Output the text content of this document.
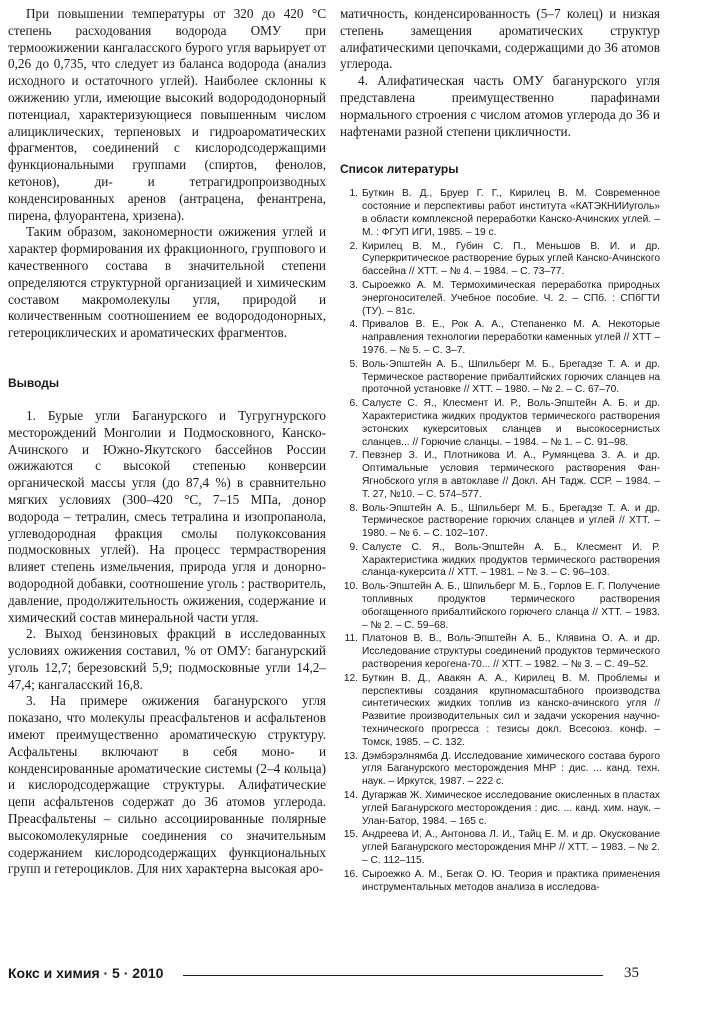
При повышении температуры от 320 до 420 °С степень расходования водорода ОМУ при термоожижении кангаласского бурого угля варьирует от 0,26 до 0,735, что следует из баланса водорода (анализ исходного и остаточного углей). Наиболее склонны к ожижению угли, имеющие высокий водорододонорный потенциал, характеризующиеся повышенным числом алициклических, терпеновых и гидроароматических фрагментов, соединений с кислородсодержащими функциональными группами (спиртов, фенолов, кетонов), ди- и тетрагидропроизводных конденсированных аренов (антрацена, фенантрена, пирена, флуорантена, хризена).

Таким образом, закономерности ожижения углей и характер формирования их фракционного, группового и качественного состава в значительной степени определяются структурной организацией и химическим составом макромолекулы угля, природой и количественным соотношением ее водорододонорных, гетероциклических и ароматических фрагментов.

Выводы

1. Бурые угли Баганурского и Тугругнурского месторождений Монголии и Подмосковного, Канско-Ачинского и Южно-Якутского бассейнов России ожижаются с высокой степенью конверсии органической массы угля (до 87,4 %) в сравнительно мягких условиях (300–420 °С, 7–15 МПа, донор водорода – тетралин, смесь тетралина и изопропанола, углеводородная фракция смолы полукоксования подмосковных углей). На процесс термрастворения влияет степень измельчения, природа угля и донорно-водородной добавки, соотношение уголь : растворитель, давление, продолжительность ожижения, содержание и химический состав минеральной части угля.

2. Выход бензиновых фракций в исследованных условиях ожижения составил, % от ОМУ: баганурский уголь 12,7; березовский 5,9; подмосковные угли 14,2–47,4; кангаласский 16,8.

3. На примере ожижения баганурского угля показано, что молекулы преасфальтенов и асфальтенов имеют преимущественно ароматическую структуру. Асфальтены включают в себя моно- и конденсированные ароматические системы (2–4 кольца) и кислородсодержащие структуры. Алифатические цепи асфальтенов содержат до 36 атомов углерода. Преасфальтены – сильно ассоциированные полярные высокомолекулярные соединения со значительным содержанием кислородсодержащих функциональных групп и гетероциклов. Для них характерна высокая аро-

матичность, конденсированность (5–7 колец) и низкая степень замещения ароматических структур алифатическими цепочками, содержащими до 36 атомов углерода.

4. Алифатическая часть ОМУ баганурского угля представлена преимущественно парафинами нормального строения с числом атомов углерода до 36 и нафтенами разной степени цикличности.

Список литературы

1. Буткин В. Д., Бруер Г. Г., Кирилец В. М. Современное состояние и перспективы работ института «КАТЭКНИИуголь» в области комплексной переработки Канско-Ачинских углей. – М. : ФГУП ИГИ, 1985. – 19 с.
2. Кирилец В. М., Губин С. П., Меньшов В. И. и др. Суперкритическое растворение бурых углей Канско-Ачинского бассейна // ХТТ. – № 4. – 1984. – С. 73–77.
3. Сыроежко А. М. Термохимическая переработка природных энергоносителей. Учебное пособие. Ч. 2. – СПб. : СПбГТИ (ТУ). – 81с.
4. Привалов В. Е., Рок А. А., Степаненко М. А. Некоторые направления технологии переработки каменных углей // ХТТ – 1976. – № 5. – С. 3–7.
5. Воль-Эпштейн А. Б., Шпильберг М. Б., Брегадзе Т. А. и др. Термическое растворение прибалтийских горючих сланцев на проточной установке // ХТТ. – 1980. – № 2. – С. 67–70.
6. Салусте С. Я., Клесмент И. Р., Воль-Эпштейн А. Б. и др. Характеристика жидких продуктов термического растворения эстонских кукерситовых сланцев и высокосернистых сланцев... // Горючие сланцы. – 1984. – № 1. – С. 91–98.
7. Певзнер З. И., Плотникова И. А., Румянцева З. А. и др. Оптимальные условия термического растворения Фан-Ягнобского угля в автоклаве // Докл. АН Тадж. ССР. – 1984. – Т. 27, №10. – С. 574–577.
8. Воль-Эпштейн А. Б., Шпильберг М. Б., Брегадзе Т. А. и др. Термическое растворение горючих сланцев и углей // ХТТ. – 1980. – № 6. – С. 102–107.
9. Салусте С. Я., Воль-Эпштейн А. Б., Клесмент И. Р. Характеристика жидких продуктов термического растворения сланца-кукерсита // ХТТ. – 1981. – № 3. – С. 96–103.
10. Воль-Эпштейн А. Б., Шпильберг М. Б., Горлов Е. Г. Получение топливных продуктов термического растворения обогащенного прибалтийского горючего сланца // ХТТ. – 1983. – № 2. – С. 59–68.
11. Платонов В. В., Воль-Эпштейн А. Б., Клявина О. А. и др. Исследование структуры соединений продуктов термического растворения керогена-70... // ХТТ. – 1982. – № 3. – С. 49–52.
12. Буткин В. Д., Авакян А. А., Кирилец В. М. Проблемы и перспективы создания крупномасштабного производства синтетических жидких топлив из канско-ачинского угля // Развитие производительных сил и задачи ускорения научно-технического прогресса : тезисы докл. Всесоюз. конф. – Томск, 1985. – С. 132.
13. Дэмбэрэлнямба Д. Исследование химического состава бурого угля Баганурского месторождения МНР : дис. ... канд. техн. наук. – Иркутск, 1987. – 222 с.
14. Дугаржав Ж. Химическое исследование окисленных в пластах углей Баганурского месторождения : дис. ... канд. хим. наук. – Улан-Батор, 1984. – 165 с.
15. Андреева И. А., Антонова Л. И., Тайц Е. М. и др. Окускование углей Баганурского месторождения МНР // ХТТ. – 1983. – № 2. – С. 112–115.
16. Сыроежко А. М., Бегак О. Ю. Теория и практика применения инструментальных методов анализа в исследова-
Кокс и химия · 5 · 2010	35
